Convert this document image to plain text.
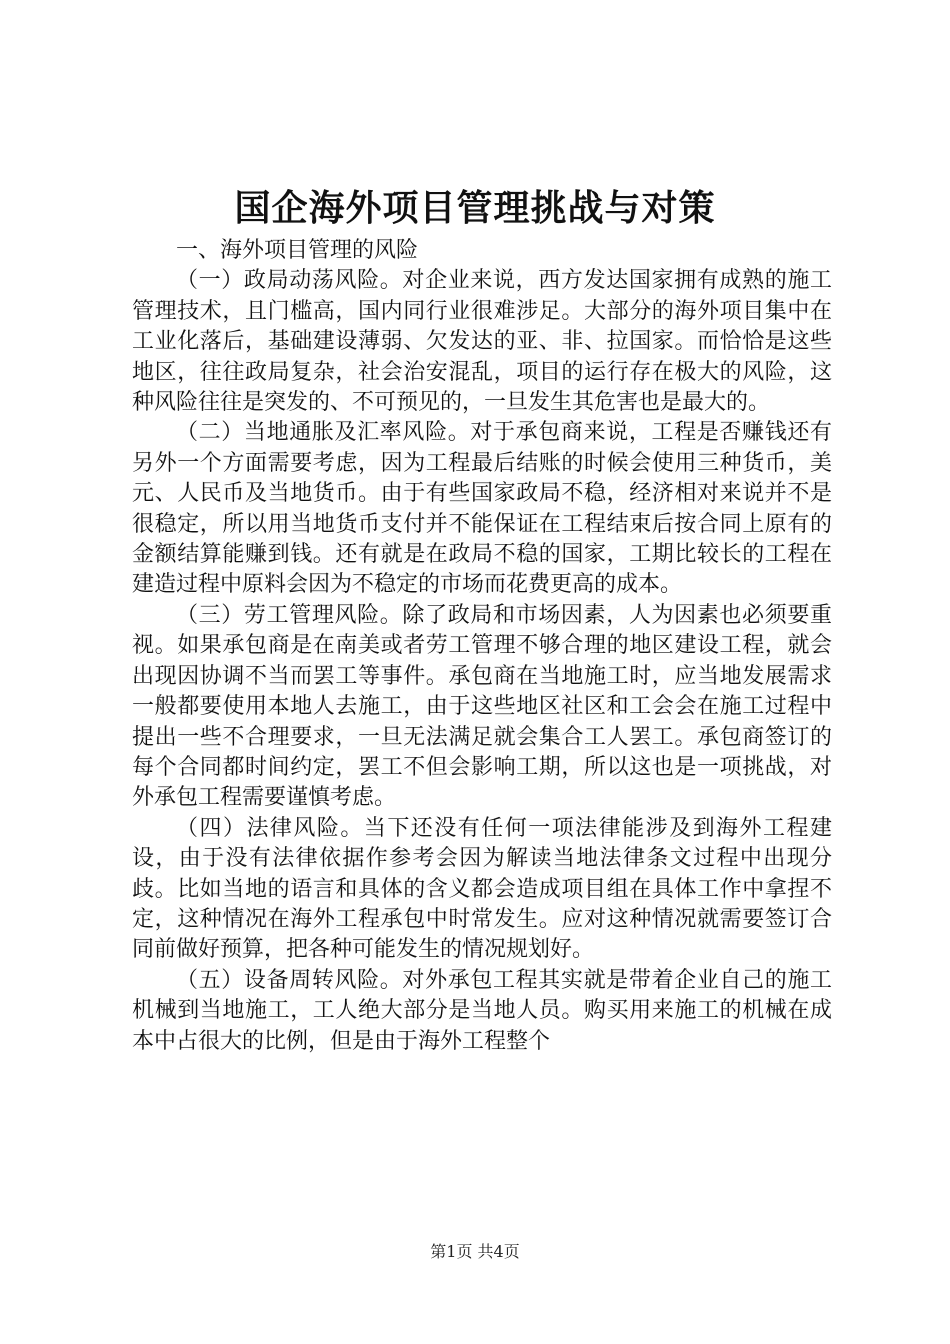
国企海外项目管理挑战与对策

一、海外项目管理的风险

（一）政局动荡风险。对企业来说，西方发达国家拥有成熟的施工管理技术，且门槛高，国内同行业很难涉足。大部分的海外项目集中在工业化落后，基础建设薄弱、欠发达的亚、非、拉国家。而恰恰是这些地区，往往政局复杂，社会治安混乱，项目的运行存在极大的风险，这种风险往往是突发的、不可预见的，一旦发生其危害也是最大的。

（二）当地通胀及汇率风险。对于承包商来说，工程是否赚钱还有另外一个方面需要考虑，因为工程最后结账的时候会使用三种货币，美元、人民币及当地货币。由于有些国家政局不稳，经济相对来说并不是很稳定，所以用当地货币支付并不能保证在工程结束后按合同上原有的金额结算能赚到钱。还有就是在政局不稳的国家，工期比较长的工程在建造过程中原料会因为不稳定的市场而花费更高的成本。

（三）劳工管理风险。除了政局和市场因素，人为因素也必须要重视。如果承包商是在南美或者劳工管理不够合理的地区建设工程，就会出现因协调不当而罢工等事件。承包商在当地施工时，应当地发展需求一般都要使用本地人去施工，由于这些地区社区和工会会在施工过程中提出一些不合理要求，一旦无法满足就会集合工人罢工。承包商签订的每个合同都时间约定，罢工不但会影响工期，所以这也是一项挑战，对外承包工程需要谨慎考虑。

（四）法律风险。当下还没有任何一项法律能涉及到海外工程建设，由于没有法律依据作参考会因为解读当地法律条文过程中出现分歧。比如当地的语言和具体的含义都会造成项目组在具体工作中拿捏不定，这种情况在海外工程承包中时常发生。应对这种情况就需要签订合同前做好预算，把各种可能发生的情况规划好。

（五）设备周转风险。对外承包工程其实就是带着企业自己的施工机械到当地施工，工人绝大部分是当地人员。购买用来施工的机械在成本中占很大的比例，但是由于海外工程整个

第1页 共4页
